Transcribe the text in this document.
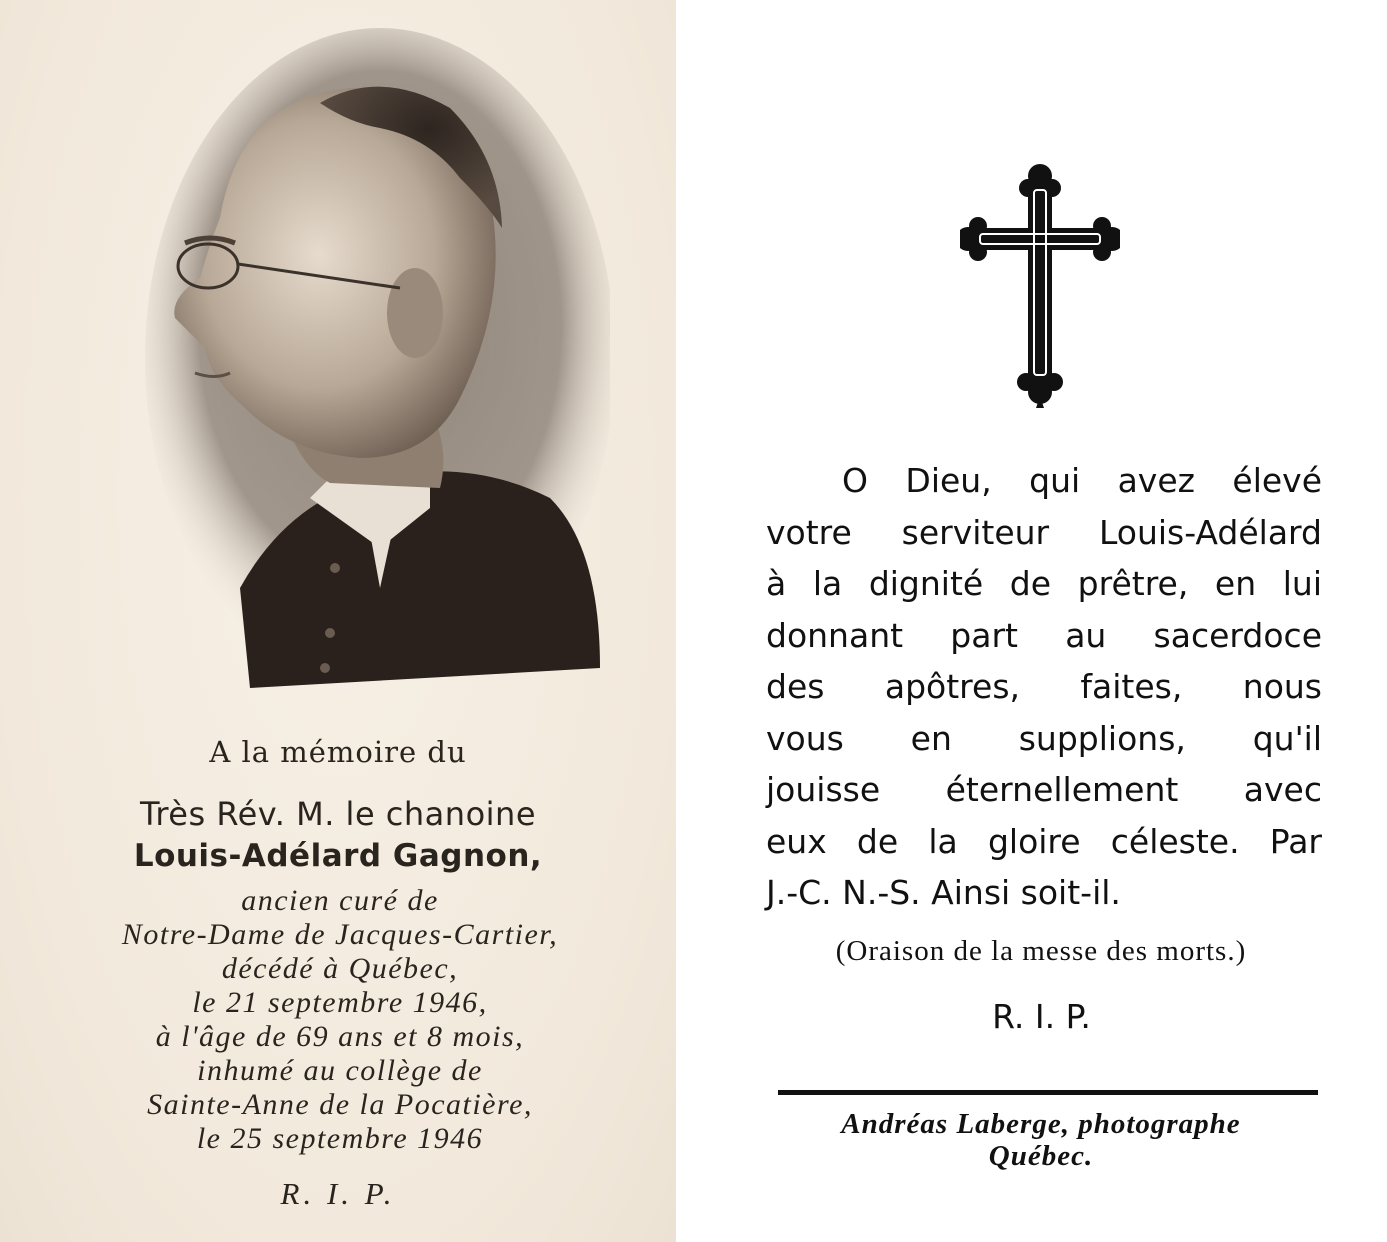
A la mémoire du
Très Rév. M. le chanoine
Louis-Adélard Gagnon,
ancien curé de
Notre-Dame de Jacques-Cartier,
décédé à Québec,
le 21 septembre 1946,
à l'âge de 69 ans et 8 mois,
inhumé au collège de
Sainte-Anne de la Pocatière,
le 25 septembre 1946
R. I. P.
O Dieu, qui avez élevé
votre serviteur Louis-Adélard
à la dignité de prêtre, en lui
donnant part au sacerdoce
des apôtres, faites, nous
vous en supplions, qu'il
jouisse éternellement avec
eux de la gloire céleste. Par
J.-C. N.-S. Ainsi soit-il.
(Oraison de la messe des morts.)
R. I. P.
Andréas Laberge, photographe
Québec.
